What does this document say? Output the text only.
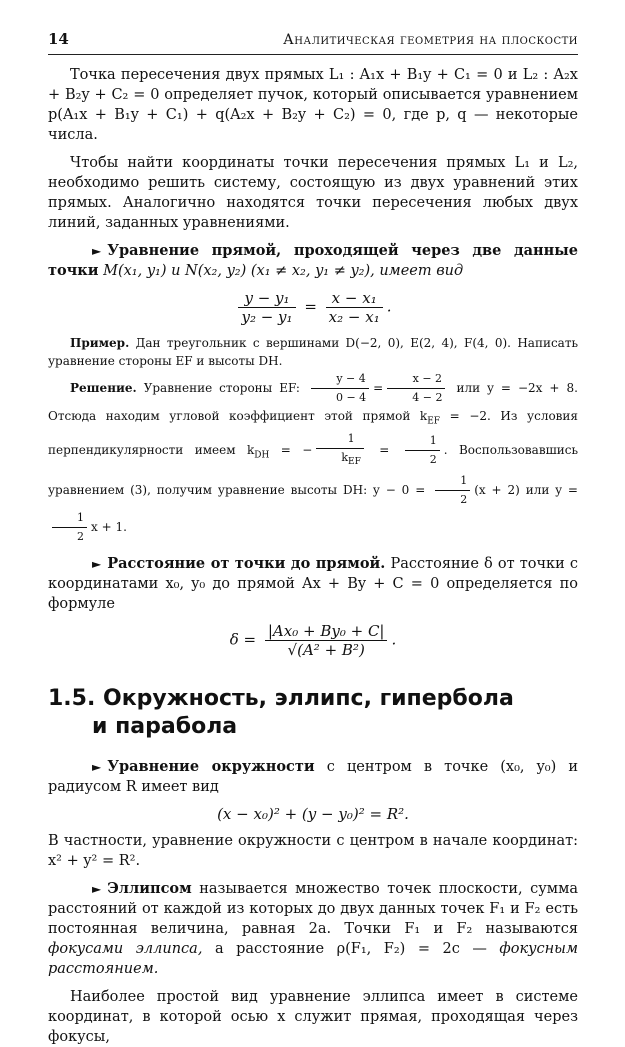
14	Аналитическая геометрия на плоскости

Точка пересечения двух прямых L₁ : A₁x + B₁y + C₁ = 0 и L₂ : A₂x + B₂y + C₂ = 0 определяет пучок, который описывается уравнением p(A₁x + B₁y + C₁) + q(A₂x + B₂y + C₂) = 0, где p, q — некоторые числа.

Чтобы найти координаты точки пересечения прямых L₁ и L₂, необходимо решить систему, состоящую из двух уравнений этих прямых. Аналогично находятся точки пересечения любых двух линий, заданных уравнениями.

► Уравнение прямой, проходящей через две данные точки M(x₁, y₁) и N(x₂, y₂) (x₁ ≠ x₂, y₁ ≠ y₂), имеет вид

$\frac{\text{y − y₁}}{\text{y₂ − y₁}} = \frac{\text{x − x₁}}{\text{x₂ − x₁}}$ .

Пример. Дан треугольник с вершинами D(−2, 0), E(2, 4), F(4, 0). Написать уравнение стороны EF и высоты DH.

Решение. Уравнение стороны EF: $\frac{y - 4}{0 - 4} = \frac{x - 2}{4 - 2}$ или y = −2x + 8. Отсюда находим угловой коэффициент этой прямой $k_{EF} = -2$. Из условия перпендикулярности имеем $k_{DH}$ = − $\frac{1}{k_{EF}} = \frac{1}{2}$ . Воспользовавшись уравнением (3), получим уравнение высоты DH: $y - 0 = \frac{1}{2} (x + 2)$ или y =
$\frac{1}{2}$ x + 1.

► Расстояние от точки до прямой. Расстояние δ от точки с координатами x₀, y₀ до прямой Ax + By + C = 0 определяется по формуле

$\delta = \frac{\text{|Ax₀ + By₀ + C|}}{\text{√(A² + B²)}}$ .
1.5. Окружность, эллипс, гипербола
и парабола

► Уравнение окружности с центром в точке (x₀, y₀) и радиусом R имеет вид

(x − x₀)² + (y − y₀)² = R².

В частности, уравнение окружности с центром в начале координат: x² + y² = R².

► Эллипсом называется множество точек плоскости, сумма расстояний от каждой из которых до двух данных точек F₁ и F₂ есть постоянная величина, равная 2a. Точки F₁ и F₂ называются фокусами эллипса, а расстояние ρ(F₁, F₂) = 2c — фокусным расстоянием.

Наиболее простой вид уравнение эллипса имеет в системе координат, в которой осью x служит прямая, проходящая через фокусы,
